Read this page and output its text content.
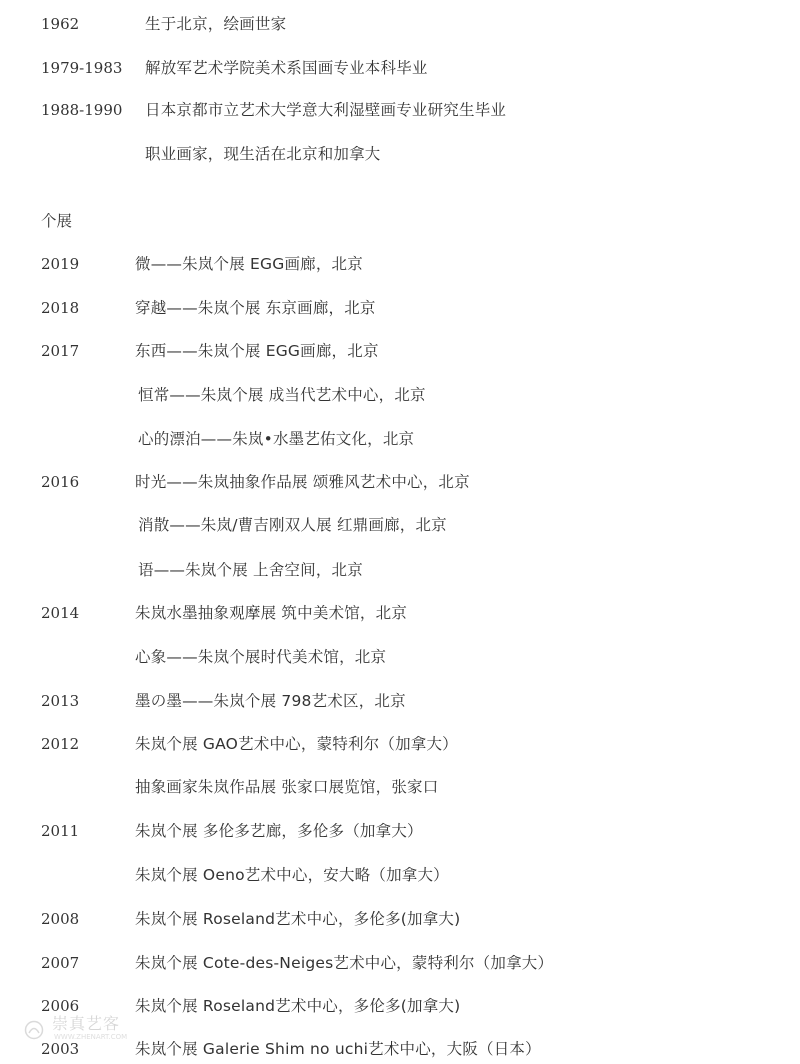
1962	生于北京，绘画世家
1979-1983 解放军艺术学院美术系国画专业本科毕业
1988-1990 日本京都市立艺术大学意大利湿壁画专业研究生毕业
职业画家，现生活在北京和加拿大
个展
2019	微——朱岚个展 EGG画廊，北京
2018	穿越——朱岚个展 东京画廊，北京
2017	东西——朱岚个展 EGG画廊，北京
恒常——朱岚个展 成当代艺术中心，北京
心的漂泊——朱岚•水墨艺佑文化，北京
2016	时光——朱岚抽象作品展 颂雅风艺术中心，北京
消散——朱岚/曹吉刚双人展 红鼎画廊，北京
语——朱岚个展 上舍空间，北京
2014	朱岚水墨抽象观摩展 筑中美术馆，北京
心象——朱岚个展时代美术馆，北京
2013	墨の墨——朱岚个展 798艺术区，北京
2012	朱岚个展 GAO艺术中心，蒙特利尔（加拿大）
抽象画家朱岚作品展 张家口展览馆，张家口
2011	朱岚个展 多伦多艺廊，多伦多（加拿大）
朱岚个展 Oeno艺术中心，安大略（加拿大）
2008	朱岚个展 Roseland艺术中心，多伦多(加拿大)
2007	朱岚个展 Cote-des-Neiges艺术中心，蒙特利尔（加拿大）
2006	朱岚个展 Roseland艺术中心，多伦多(加拿大)
2003	朱岚个展 Galerie Shim no uchi艺术中心，大阪（日本）
崇真艺客
WWW.ZHENART.COM
